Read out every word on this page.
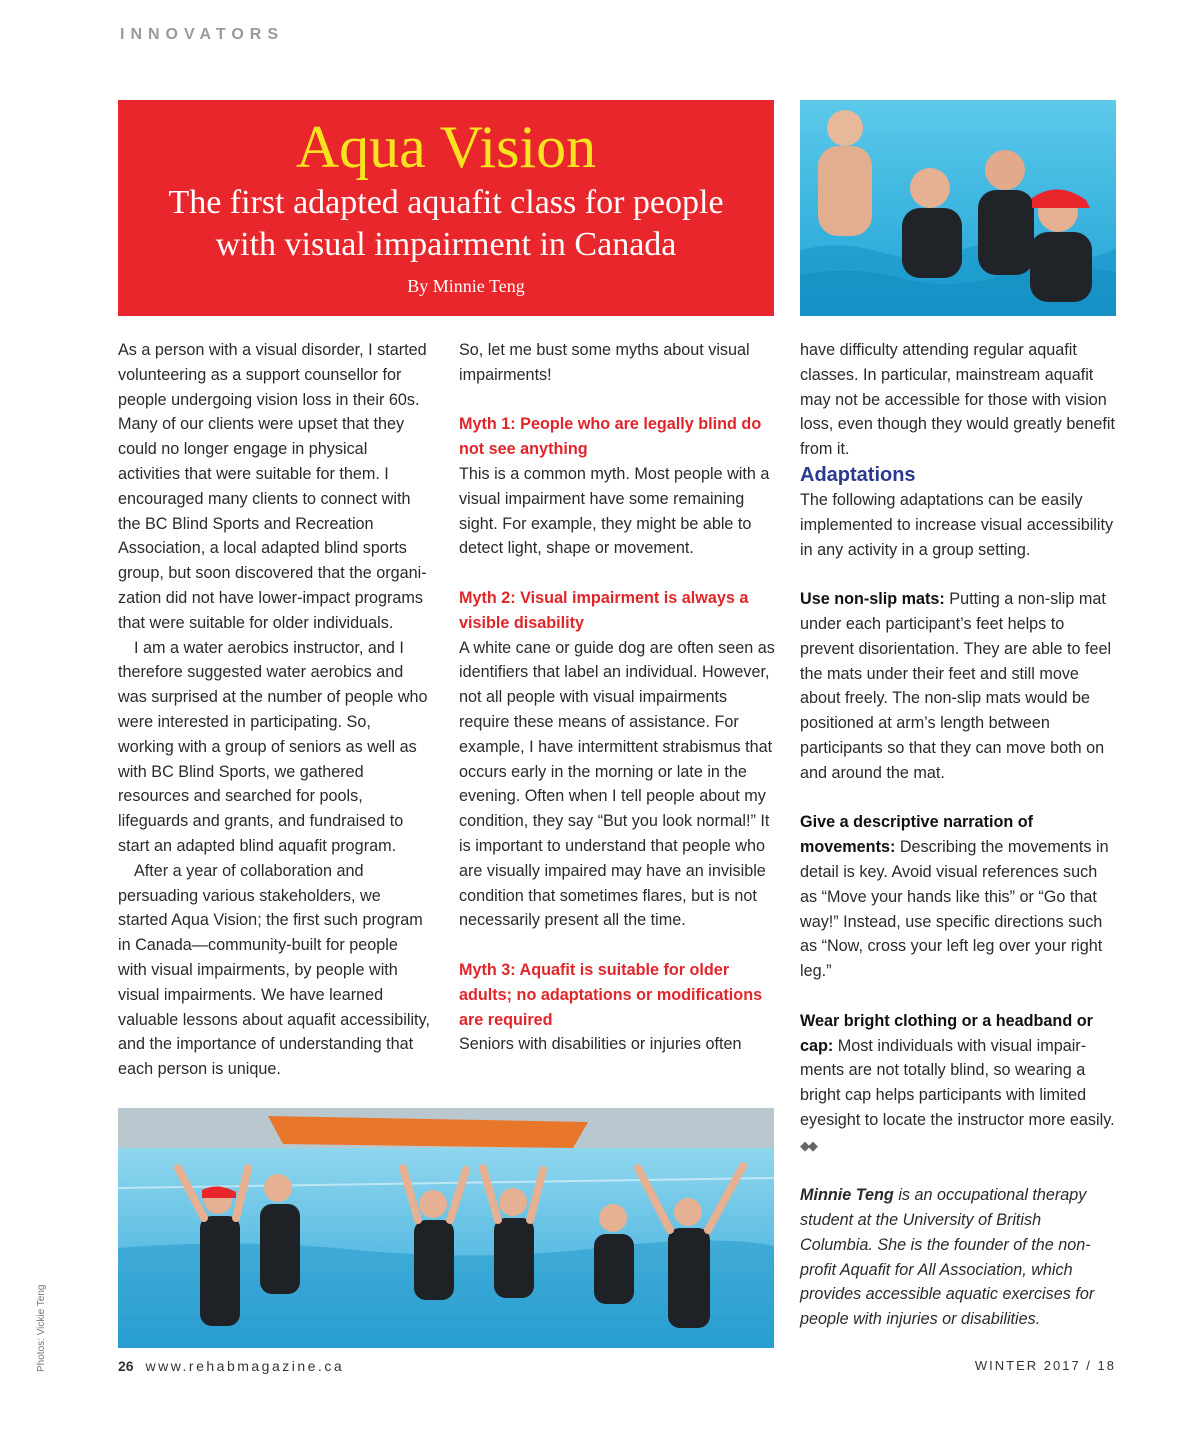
INNOVATORS
Aqua Vision
The first adapted aquafit class for people with visual impairment in Canada
By Minnie Teng

As a person with a visual disorder, I started volunteering as a support counsellor for people undergoing vision loss in their 60s. Many of our clients were upset that they could no longer engage in physical activities that were suitable for them. I encouraged many clients to connect with the BC Blind Sports and Recreation Association, a local adapted blind sports group, but soon discovered that the organi-zation did not have lower-impact programs that were suitable for older individuals.

I am a water aerobics instructor, and I therefore suggested water aerobics and was surprised at the number of people who were interested in participating. So, working with a group of seniors as well as with BC Blind Sports, we gathered resources and searched for pools, lifeguards and grants, and fundraised to start an adapted blind aquafit program.

After a year of collaboration and persuading various stakeholders, we started Aqua Vision; the first such program in Canada—community-built for people with visual impairments, by people with visual impairments. We have learned valuable lessons about aquafit accessibility, and the importance of understanding that each person is unique.

So, let me bust some myths about visual impairments!

Myth 1: People who are legally blind do not see anything

This is a common myth. Most people with a visual impairment have some remaining sight. For example, they might be able to detect light, shape or movement.

Myth 2: Visual impairment is always a visible disability

A white cane or guide dog are often seen as identifiers that label an individual. However, not all people with visual impairments require these means of assistance. For example, I have intermittent strabismus that occurs early in the morning or late in the evening. Often when I tell people about my condition, they say “But you look normal!” It is important to understand that people who are visually impaired may have an invisible condition that sometimes flares, but is not necessarily present all the time.

Myth 3: Aquafit is suitable for older adults; no adaptations or modifications are required

Seniors with disabilities or injuries often

have difficulty attending regular aquafit classes. In particular, mainstream aquafit may not be accessible for those with vision loss, even though they would greatly benefit from it.

Adaptations

The following adaptations can be easily implemented to increase visual accessibility in any activity in a group setting.

Use non-slip mats: Putting a non-slip mat under each participant’s feet helps to prevent disorientation. They are able to feel the mats under their feet and still move about freely. The non-slip mats would be positioned at arm’s length between participants so that they can move both on and around the mat.

Give a descriptive narration of movements: Describing the movements in detail is key. Avoid visual references such as “Move your hands like this” or “Go that way!” Instead, use specific directions such as “Now, cross your left leg over your right leg.”

Wear bright clothing or a headband or cap: Most individuals with visual impair-ments are not totally blind, so wearing a bright cap helps participants with limited eyesight to locate the instructor more easily. ◆◆

Minnie Teng is an occupational therapy student at the University of British Columbia. She is the founder of the non-profit Aquafit for All Association, which provides accessible aquatic exercises for people with injuries or disabilities.

Photos: Vickie Teng	26 www.rehabmagazine.ca	WINTER 2017 / 18
